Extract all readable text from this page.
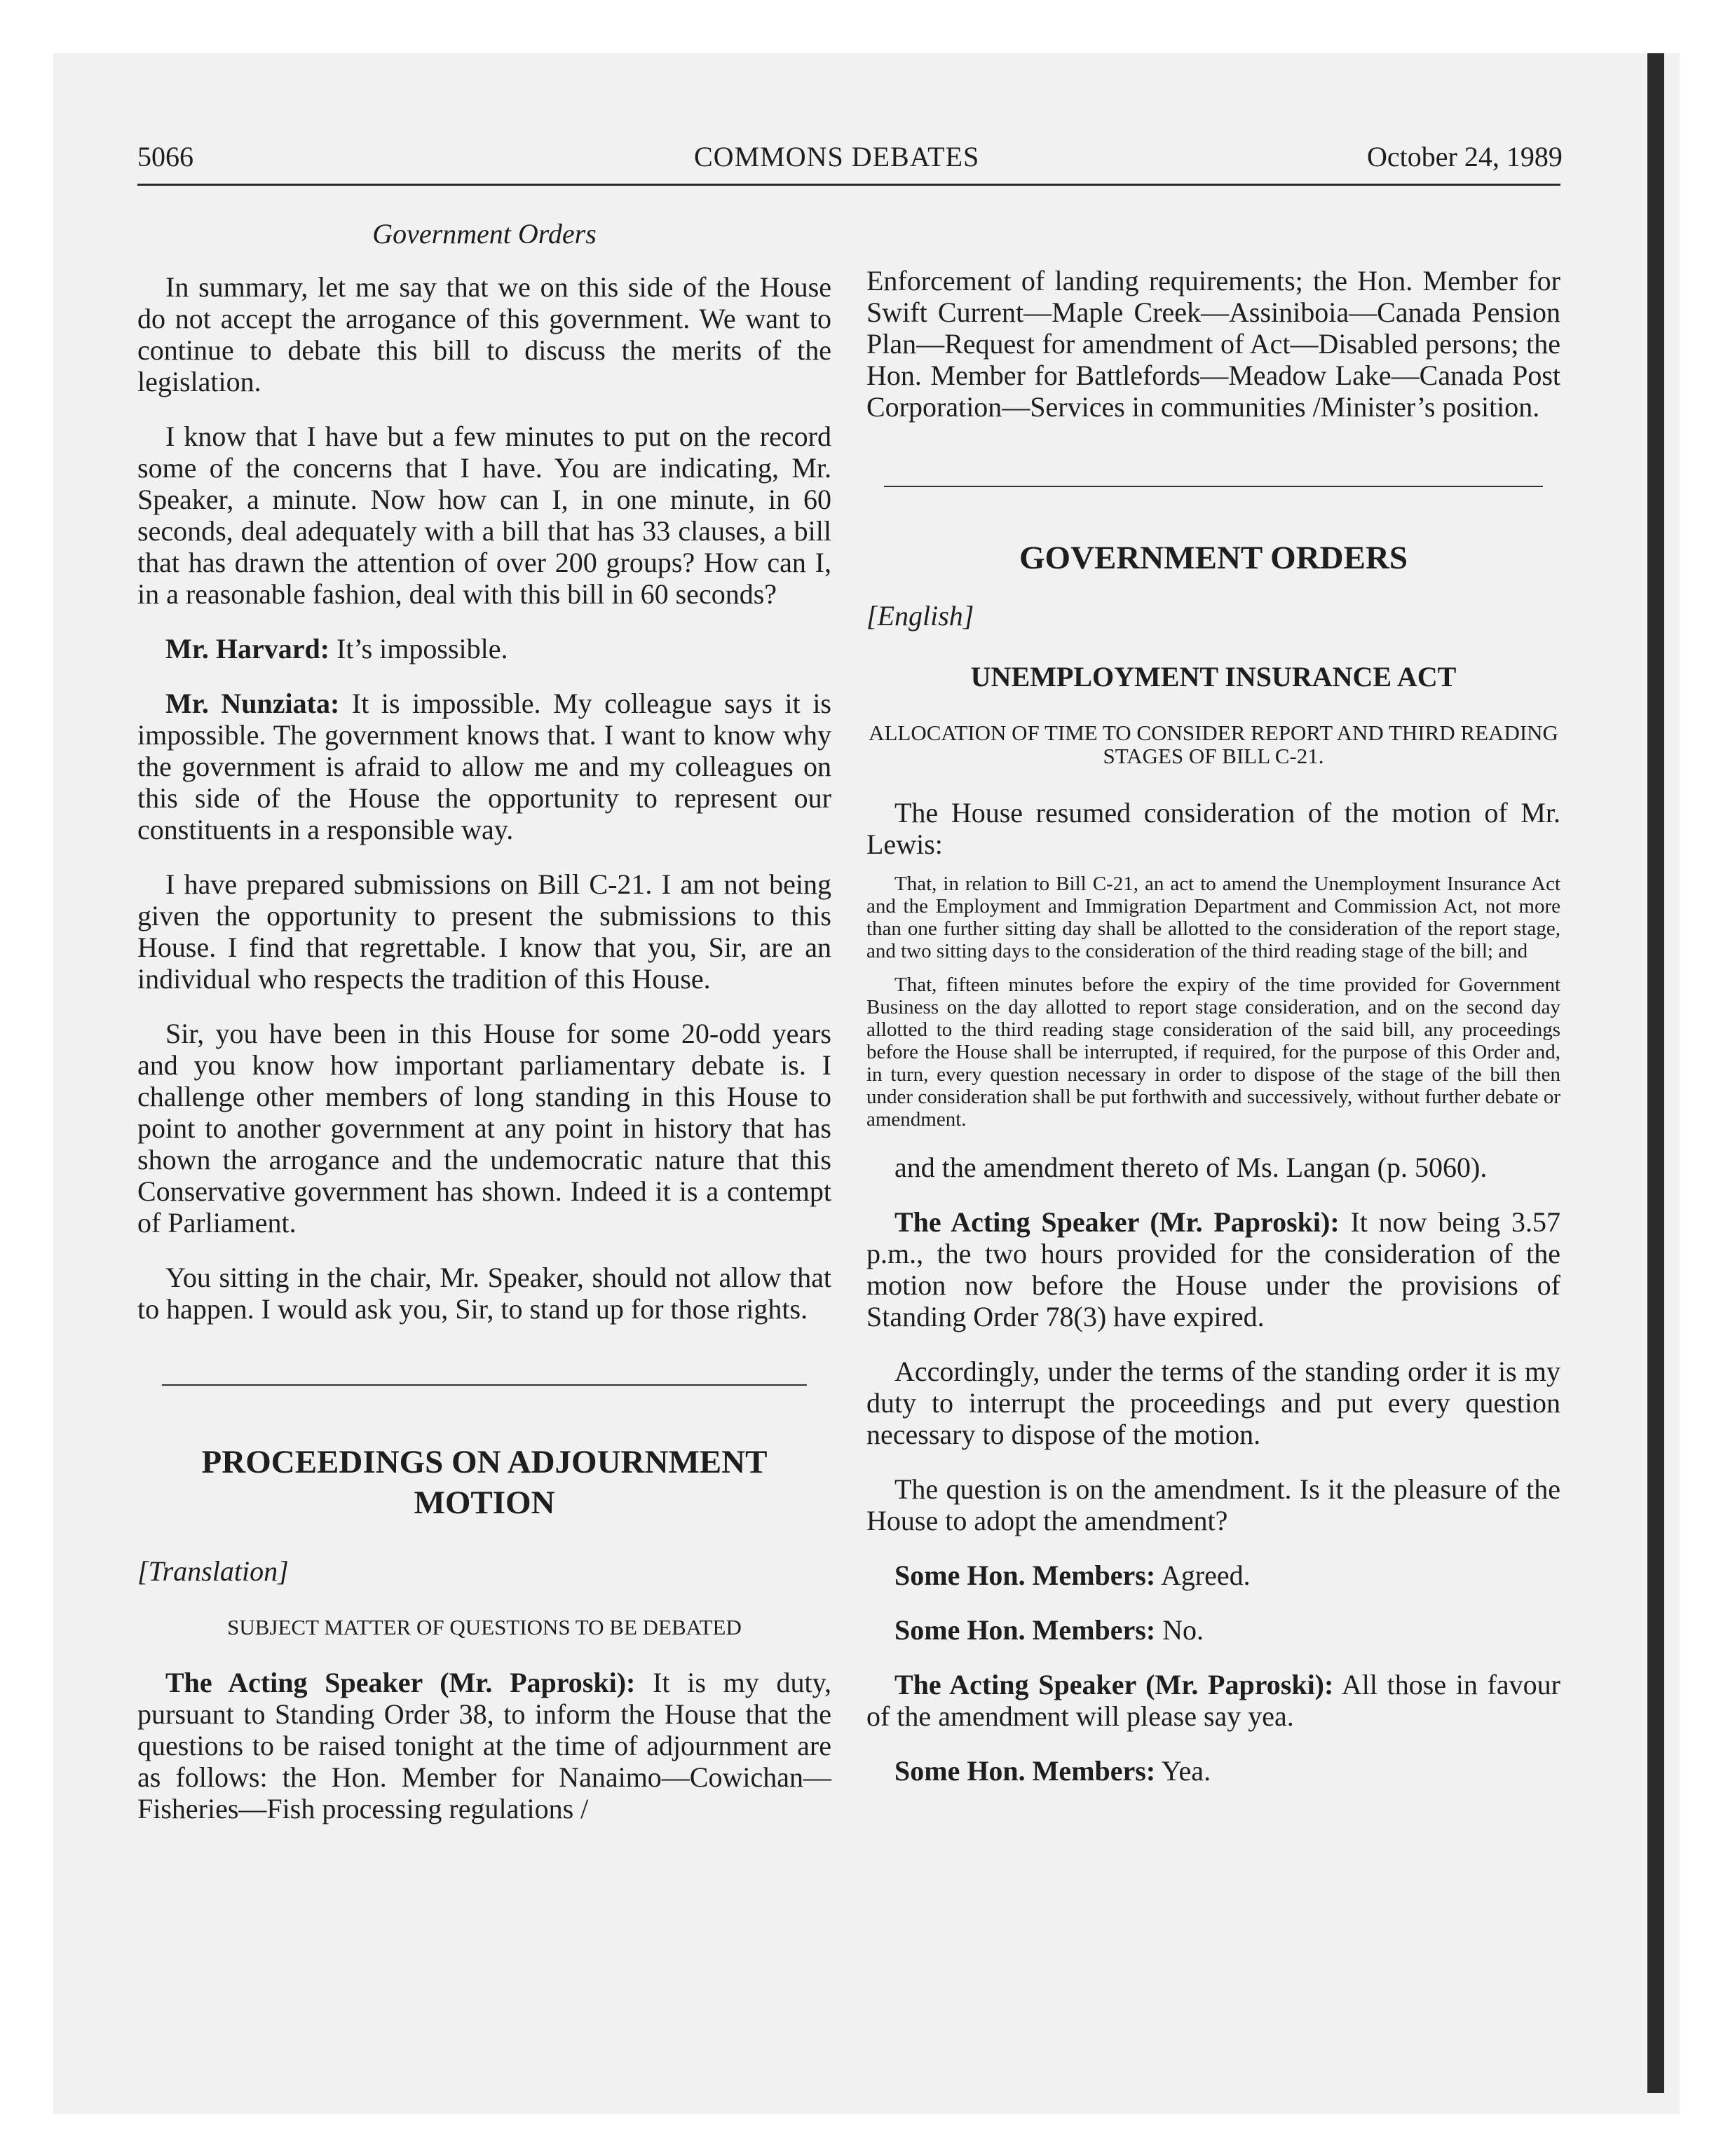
5066	COMMONS DEBATES	October 24, 1989
Government Orders
In summary, let me say that we on this side of the House do not accept the arrogance of this government. We want to continue to debate this bill to discuss the merits of the legislation.
I know that I have but a few minutes to put on the record some of the concerns that I have. You are indicating, Mr. Speaker, a minute. Now how can I, in one minute, in 60 seconds, deal adequately with a bill that has 33 clauses, a bill that has drawn the attention of over 200 groups? How can I, in a reasonable fashion, deal with this bill in 60 seconds?
Mr. Harvard: It’s impossible.
Mr. Nunziata: It is impossible. My colleague says it is impossible. The government knows that. I want to know why the government is afraid to allow me and my colleagues on this side of the House the opportunity to represent our constituents in a responsible way.
I have prepared submissions on Bill C-21. I am not being given the opportunity to present the submissions to this House. I find that regrettable. I know that you, Sir, are an individual who respects the tradition of this House.
Sir, you have been in this House for some 20-odd years and you know how important parliamentary debate is. I challenge other members of long standing in this House to point to another government at any point in history that has shown the arrogance and the undemocratic nature that this Conservative government has shown. Indeed it is a contempt of Parliament.
You sitting in the chair, Mr. Speaker, should not allow that to happen. I would ask you, Sir, to stand up for those rights.
PROCEEDINGS ON ADJOURNMENT MOTION
[Translation]
SUBJECT MATTER OF QUESTIONS TO BE DEBATED
The Acting Speaker (Mr. Paproski): It is my duty, pursuant to Standing Order 38, to inform the House that the questions to be raised tonight at the time of adjournment are as follows: the Hon. Member for Nanaimo—Cowichan—Fisheries—Fish processing regulations /
Enforcement of landing requirements; the Hon. Member for Swift Current—Maple Creek—Assiniboia—Canada Pension Plan—Request for amendment of Act—Disabled persons; the Hon. Member for Battlefords—Meadow Lake—Canada Post Corporation—Services in communities /Minister’s position.
GOVERNMENT ORDERS
[English]
UNEMPLOYMENT INSURANCE ACT
ALLOCATION OF TIME TO CONSIDER REPORT AND THIRD READING STAGES OF BILL C-21.
The House resumed consideration of the motion of Mr. Lewis:
That, in relation to Bill C-21, an act to amend the Unemployment Insurance Act and the Employment and Immigration Department and Commission Act, not more than one further sitting day shall be allotted to the consideration of the report stage, and two sitting days to the consideration of the third reading stage of the bill; and
That, fifteen minutes before the expiry of the time provided for Government Business on the day allotted to report stage consideration, and on the second day allotted to the third reading stage consideration of the said bill, any proceedings before the House shall be interrupted, if required, for the purpose of this Order and, in turn, every question necessary in order to dispose of the stage of the bill then under consideration shall be put forthwith and successively, without further debate or amendment.
and the amendment thereto of Ms. Langan (p. 5060).
The Acting Speaker (Mr. Paproski): It now being 3.57 p.m., the two hours provided for the consideration of the motion now before the House under the provisions of Standing Order 78(3) have expired.
Accordingly, under the terms of the standing order it is my duty to interrupt the proceedings and put every question necessary to dispose of the motion.
The question is on the amendment. Is it the pleasure of the House to adopt the amendment?
Some Hon. Members: Agreed.
Some Hon. Members: No.
The Acting Speaker (Mr. Paproski): All those in favour of the amendment will please say yea.
Some Hon. Members: Yea.
